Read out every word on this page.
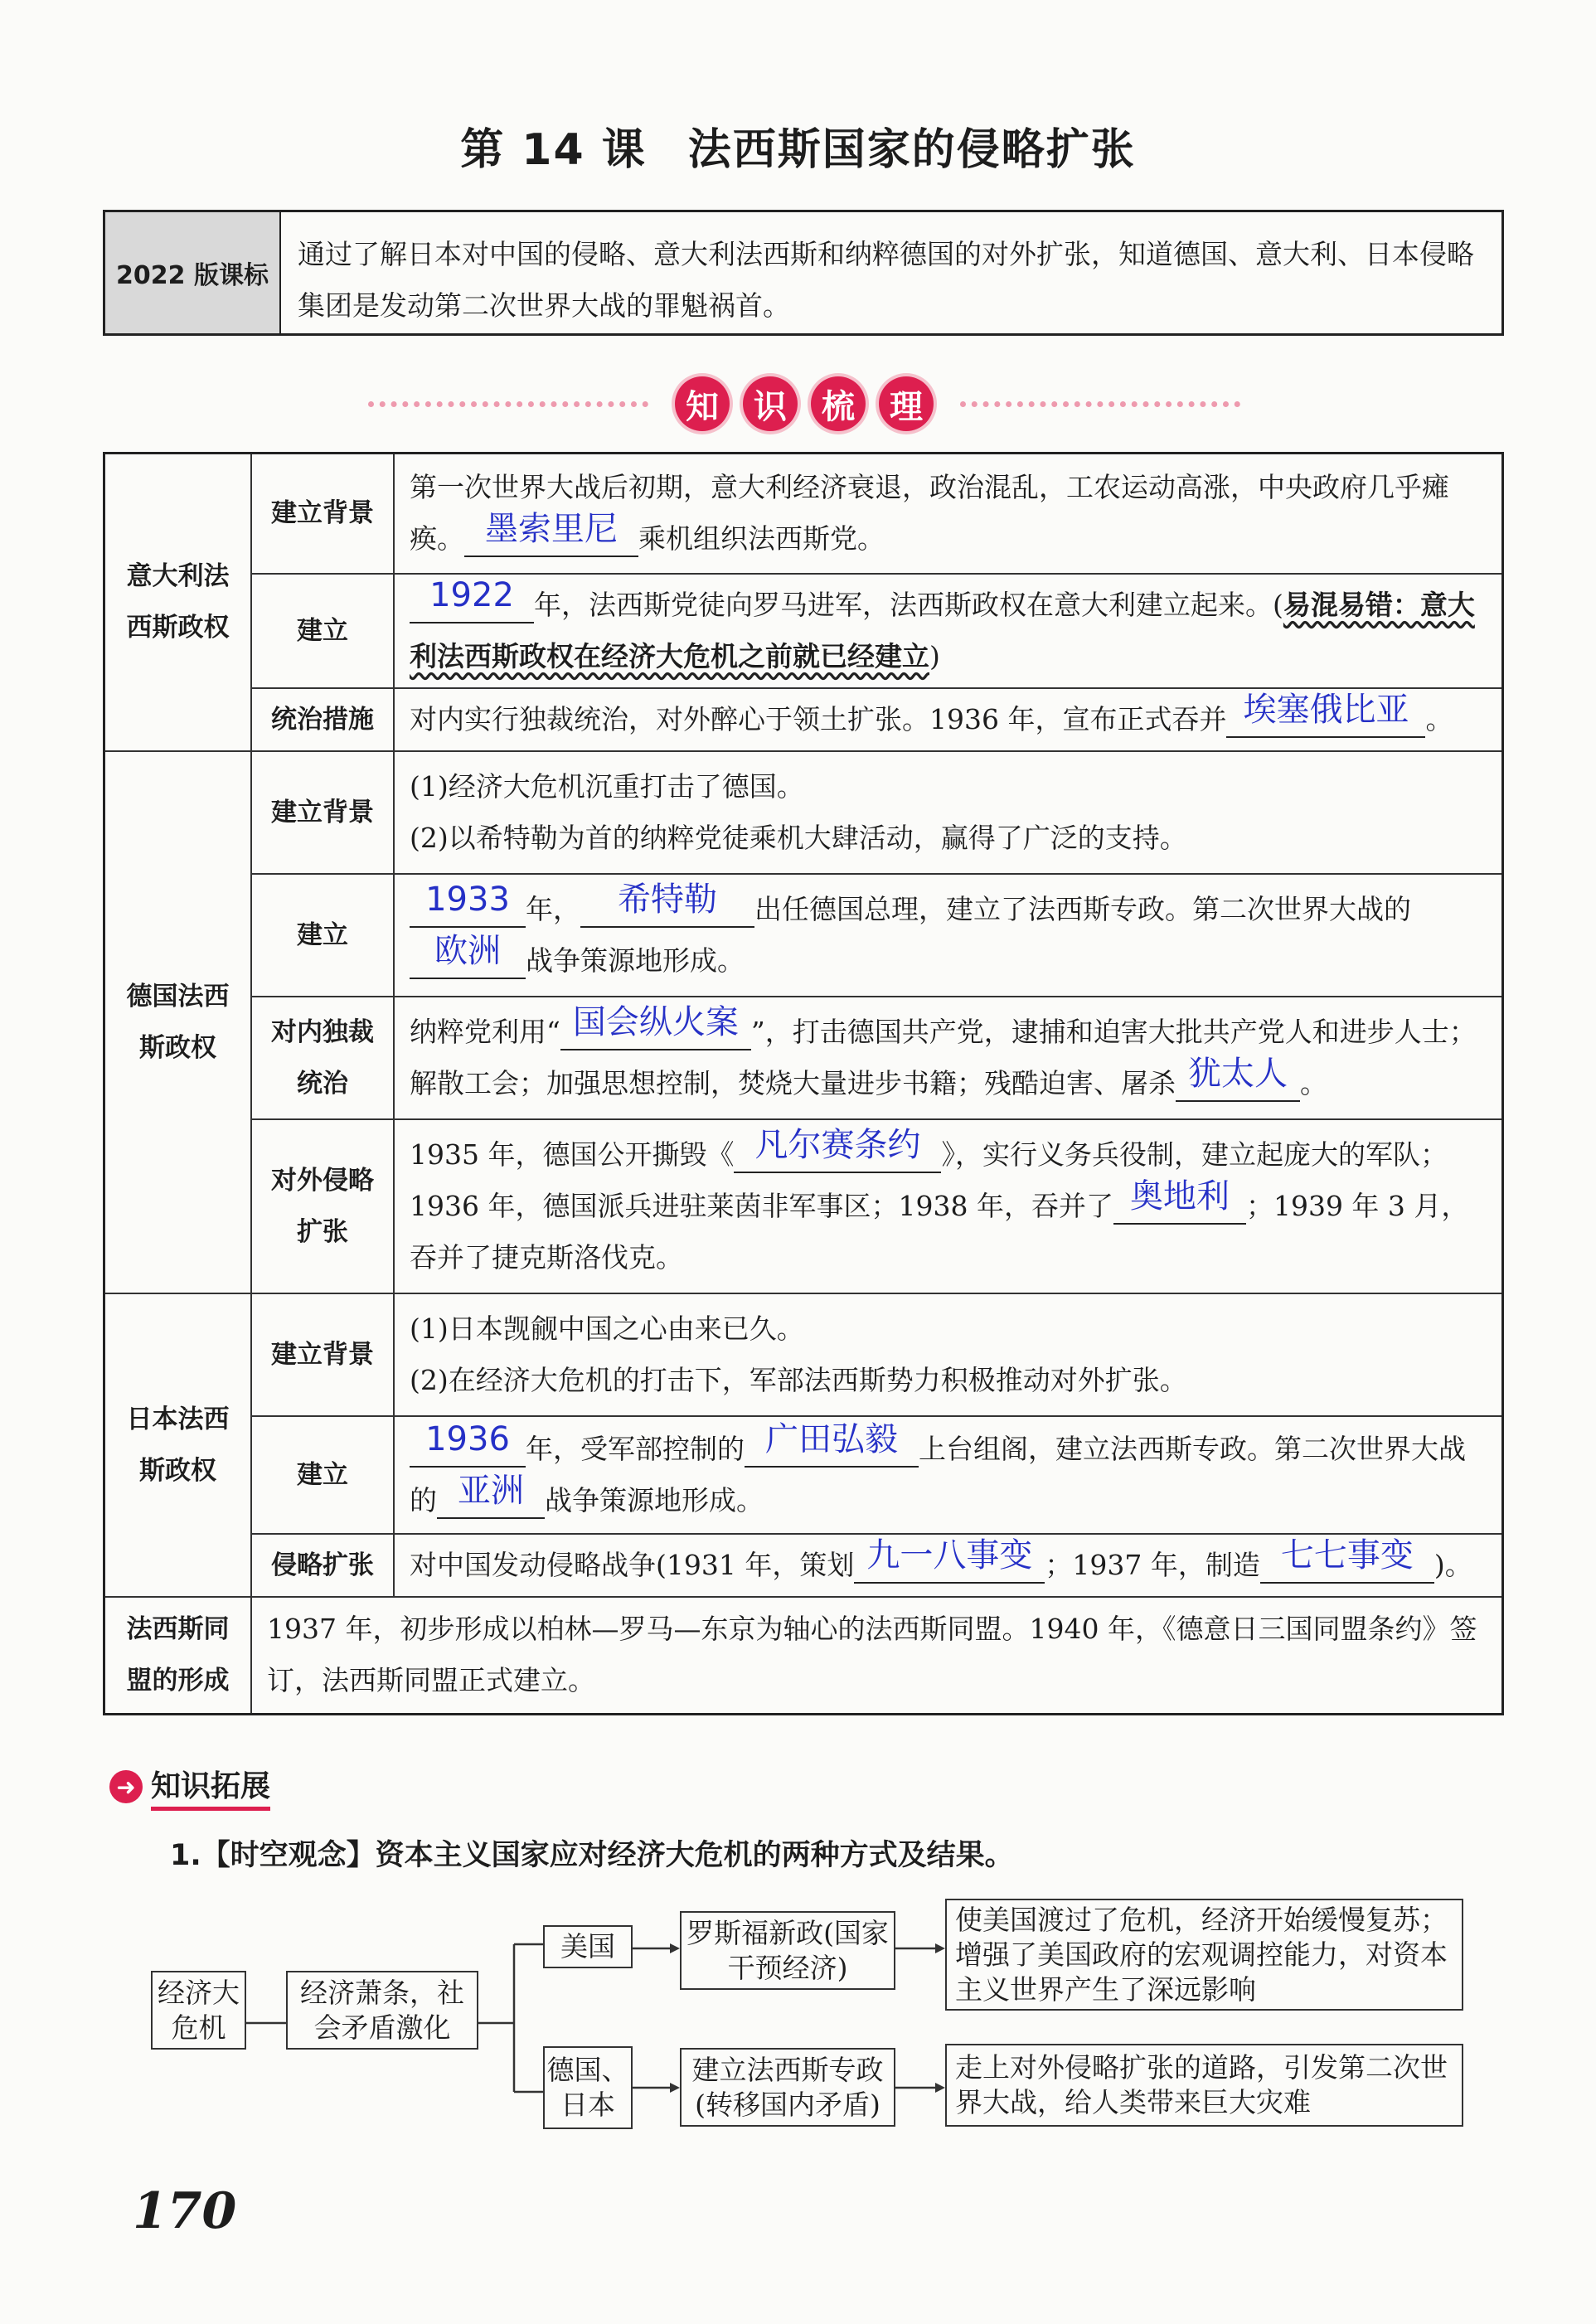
第 14 课 法西斯国家的侵略扩张
2022 版课标
通过了解日本对中国的侵略、意大利法西斯和纳粹德国的对外扩张，知道德国、意大利、日本侵略集团是发动第二次世界大战的罪魁祸首。
知	识	梳	理
意大利法西斯政权	建立背景	第一次世界大战后初期，意大利经济衰退，政治混乱，工农运动高涨，中央政府几乎瘫痪。 墨索里尼 乘机组织法西斯党。
	建立	1922 年，法西斯党徒向罗马进军，法西斯政权在意大利建立起来。(易混易错：意大利法西斯政权在经济大危机之前就已经建立)
	统治措施	对内实行独裁统治，对外醉心于领土扩张。1936 年，宣布正式吞并 埃塞俄比亚 。

德国法西斯政权	建立背景	(1)经济大危机沉重打击了德国。
(2)以希特勒为首的纳粹党徒乘机大肆活动，赢得了广泛的支持。

	建立	1933 年， 希特勒 出任德国总理，建立了法西斯专政。第二次世界大战的欧洲 战争策源地形成。

	对内独裁统治	纳粹党利用“ 国会纵火案 ”，打击德国共产党，逮捕和迫害大批共产党人和进步人士；解散工会；加强思想控制，焚烧大量进步书籍；残酷迫害、屠杀 犹太人 。

	对外侵略扩张	1935 年，德国公开撕毁《 凡尔赛条约 》，实行义务兵役制，建立起庞大的军队；1936 年，德国派兵进驻莱茵非军事区；1938 年，吞并了 奥地利 ；1939 年 3 月，吞并了捷克斯洛伐克。

日本法西斯政权	建立背景	(1)日本觊觎中国之心由来已久。
(2)在经济大危机的打击下，军部法西斯势力积极推动对外扩张。

	建立	1936 年，受军部控制的 广田弘毅 上台组阁，建立法西斯专政。第二次世界大战的 亚洲 战争策源地形成。
	侵略扩张	对中国发动侵略战争(1931 年，策划 九一八事变 ；1937 年，制造 七七事变 )。

法西斯同盟的形成	1937 年，初步形成以柏林—罗马—东京为轴心的法西斯同盟。1940 年，《德意日三国同盟条约》签订，法西斯同盟正式建立。	
➜ 知识拓展
1.【时空观念】资本主义国家应对经济大危机的两种方式及结果。
经济大危机
经济萧条，社会矛盾激化
美国	罗斯福新政(国家干预经济)
使美国渡过了危机，经济开始缓慢复苏；增强了美国政府的宏观调控能力，对资本主义世界产生了深远影响
德国、日本
建立法西斯专政(转移国内矛盾)
走上对外侵略扩张的道路，引发第二次世界大战，给人类带来巨大灾难
170
